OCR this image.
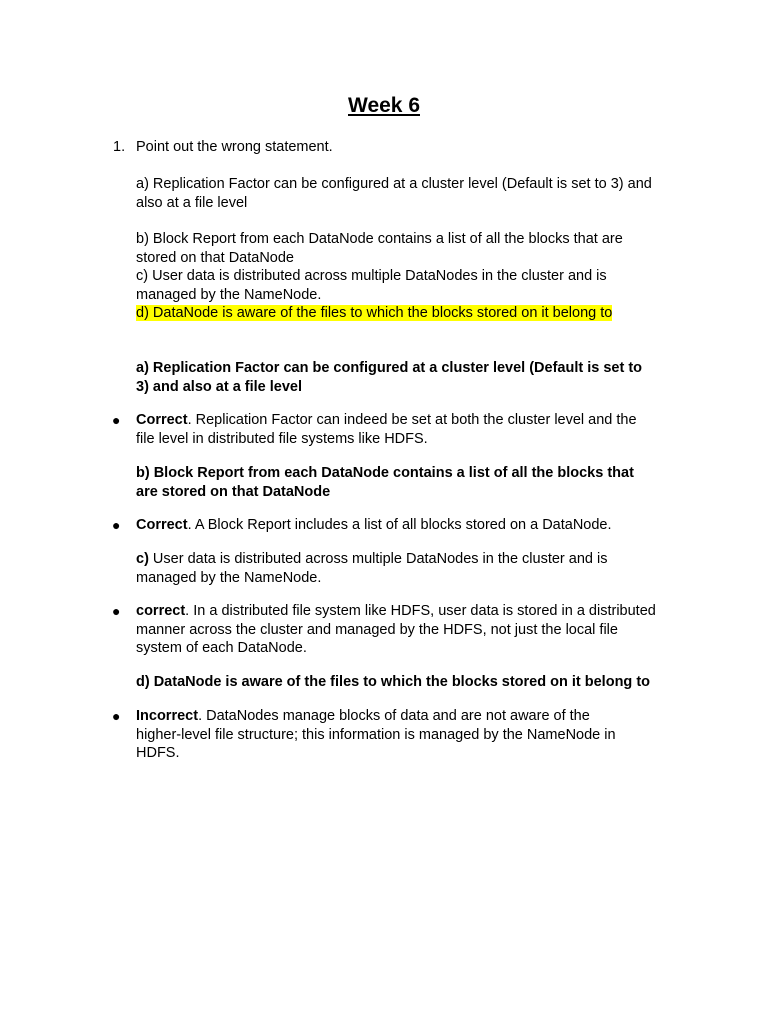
Week 6
1. Point out the wrong statement.
a) Replication Factor can be configured at a cluster level (Default is set to 3) and
also at a file level
b) Block Report from each DataNode contains a list of all the blocks that are
stored on that DataNode
c) User data is distributed across multiple DataNodes in the cluster and is
managed by the NameNode.
d) DataNode is aware of the files to which the blocks stored on it belong to
a) Replication Factor can be configured at a cluster level (Default is set to
3) and also at a file level
● Correct. Replication Factor can indeed be set at both the cluster level and the
file level in distributed file systems like HDFS.
b) Block Report from each DataNode contains a list of all the blocks that
are stored on that DataNode
● Correct. A Block Report includes a list of all blocks stored on a DataNode.
c) User data is distributed across multiple DataNodes in the cluster and is
managed by the NameNode.
● correct. In a distributed file system like HDFS, user data is stored in a distributed
manner across the cluster and managed by the HDFS, not just the local file
system of each DataNode.
d) DataNode is aware of the files to which the blocks stored on it belong to
● Incorrect. DataNodes manage blocks of data and are not aware of the
higher-level file structure; this information is managed by the NameNode in
HDFS.
